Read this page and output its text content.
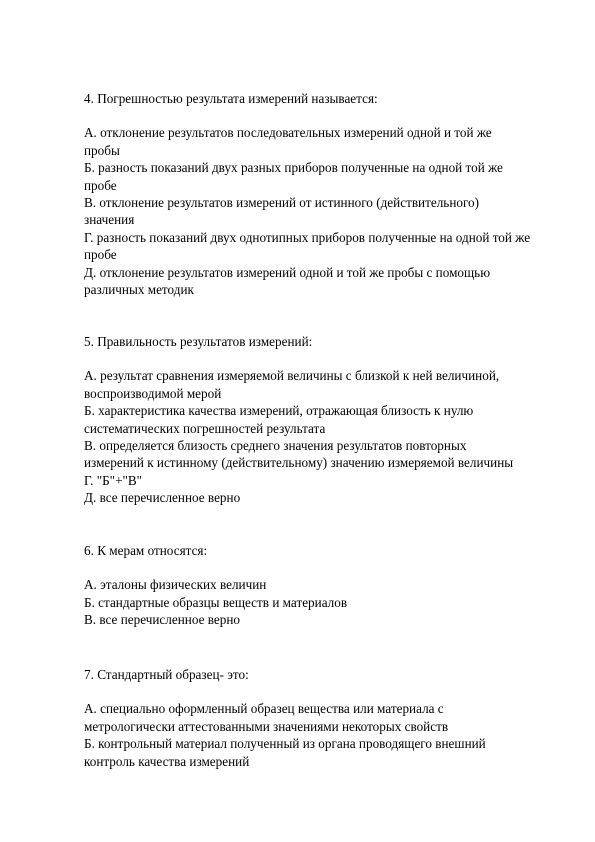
4. Погрешностью результата измерений называется:

А. отклонение результатов последовательных измерений одной и той же
пробы

Б. разность показаний двух разных приборов полученные на одной той же
пробе

В. отклонение результатов измерений от истинного (действительного)
значения

Г. разность показаний двух однотипных приборов полученные на одной той же
пробе

Д. отклонение результатов измерений одной и той же пробы с помощью
различных методик

5. Правильность результатов измерений:

А. результат сравнения измеряемой величины с близкой к ней величиной,
воспроизводимой мерой

Б. характеристика качества измерений, отражающая близость к нулю
систематических погрешностей результата

В. определяется близость среднего значения результатов повторных
измерений к истинному (действительному) значению измеряемой величины

Г. "Б"+"В"

Д. все перечисленное верно

6. К мерам относятся:

А. эталоны физических величин

Б. стандартные образцы веществ и материалов

В. все перечисленное верно

7. Стандартный образец- это:

А. специально оформленный образец вещества или материала с
метрологически аттестованными значениями некоторых свойств

Б. контрольный материал полученный из органа проводящего внешний
контроль качества измерений
